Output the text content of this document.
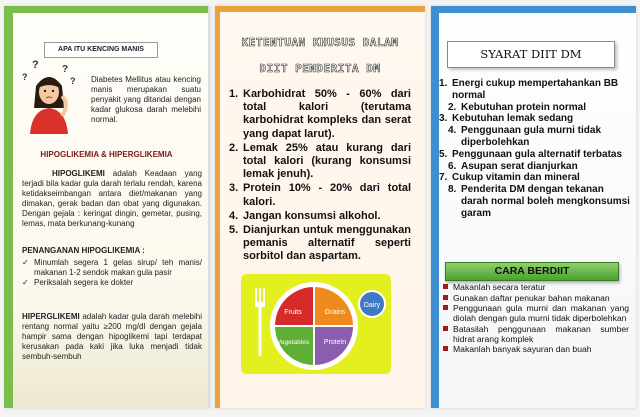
APA ITU KENCING MANIS
?
?
?
? Diabetes Mellitus atau kencing manis merupakan suatu penyakit yang ditandai dengan kadar glukosa darah melebihi normal.
HIPOGLIKEMIA & HIPERGLIKEMIA
HIPOGLIKEMI adalah Keadaan yang terjadi bila kadar gula darah terlalu rendah, karena ketidakseimbangan antara diet/makanan yang dimakan, gerak badan dan obat yang digunakan. Dengan gejala : keringat dingin, gemetar, pusing, lemas, mata berkunang-kunang
PENANGANAN HIPOGLIKEMIA :
✓ Minumlah segera 1 gelas sirup/ teh manis/ makanan 1-2 sendok makan gula pasir
✓ Periksalah segera ke dokter
HIPERGLIKEMI adalah kadar gula darah melebihi rentang normal yaitu ≥200 mg/dl dengan gejala hampir sama dengan hipoglikemi tapi terdapat kerusakan pada kaki jika luka menjadi tidak sembuh-sembuh
KETENTUAN KHUSUS DALAM
DIIT PENDERITA DM
1. Karbohidrat 50% - 60% dari total kalori (terutama karbohidrat kompleks dan serat yang dapat larut).
2. Lemak 25% atau kurang dari total kalori (kurang konsumsi lemak jenuh).
3. Protein 10% - 20% dari total kalori.
4. Jangan konsumsi alkohol.
5. Dianjurkan untuk menggunakan pemanis alternatif seperti sorbitol dan aspartam.
Fruits	Grains
Vegetables Protein
Dairy
SYARAT DIIT DM
1. Energi cukup mempertahankan BB normal
2. Kebutuhan protein normal
3. Kebutuhan lemak sedang
4. Penggunaan gula murni tidak diperbolehkan
5. Penggunaan gula alternatif terbatas
6. Asupan serat dianjurkan
7. Cukup vitamin dan mineral
8. Penderita DM dengan tekanan darah normal boleh mengkonsumsi garam
CARA BERDIIT
Makanlah secara teratur
Gunakan daftar penukar bahan makanan
Penggunaan gula murni dan makanan yang diolah dengan gula murni tidak diperbolehkan
Batasilah penggunaan makanan sumber hidrat arang komplek
Makanlah banyak sayuran dan buah
